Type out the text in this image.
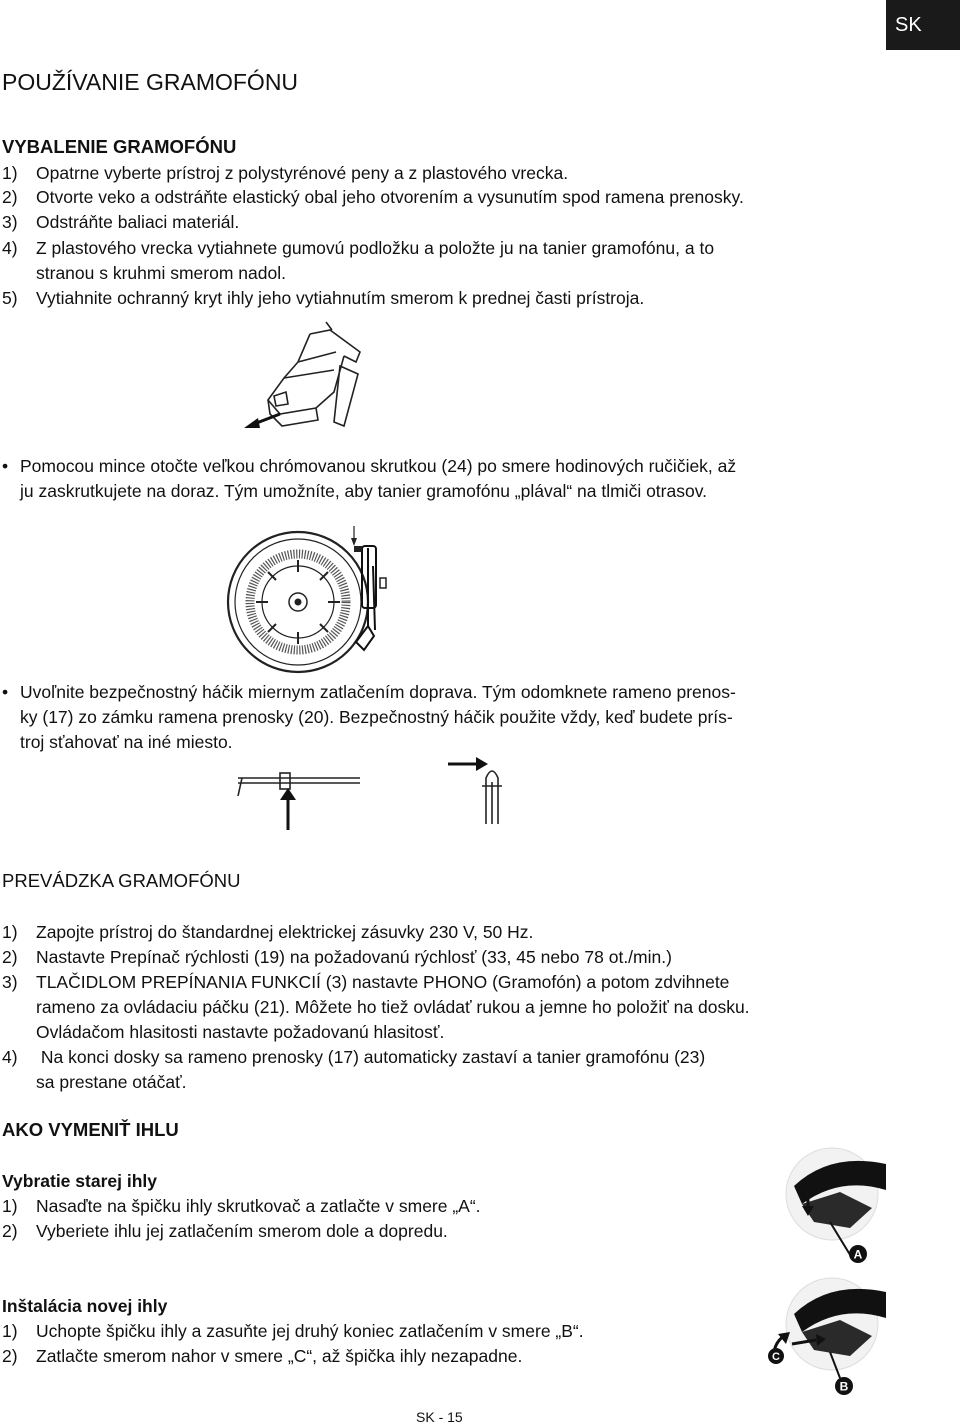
SK
POUŽÍVANIE GRAMOFÓNU
VYBALENIE GRAMOFÓNU
1) Opatrne vyberte prístroj z polystyrénové peny a z plastového vrecka.
2) Otvorte veko a odstráňte elastický obal jeho otvorením a vysunutím spod ramena prenosky.
3) Odstráňte baliaci materiál.
4) Z plastového vrecka vytiahnete gumovú podložku a položte ju na tanier gramofónu, a to
stranou s kruhmi smerom nadol.
5) Vytiahnite ochranný kryt ihly jeho vytiahnutím smerom k prednej časti prístroja.
• Pomocou mince otočte veľkou chrómovanou skrutkou (24) po smere hodinových ručičiek, až
ju zaskrutkujete na doraz. Tým umožníte, aby tanier gramofónu „plával“ na tlmiči otrasov.
• Uvoľnite bezpečnostný háčik miernym zatlačením doprava. Tým odomknete rameno prenos-
ky (17) zo zámku ramena prenosky (20). Bezpečnostný háčik použite vždy, keď budete prís-
troj sťahovať na iné miesto.
PREVÁDZKA GRAMOFÓNU
1) Zapojte prístroj do štandardnej elektrickej zásuvky 230 V, 50 Hz.
2) Nastavte Prepínač rýchlosti (19) na požadovanú rýchlosť (33, 45 nebo 78 ot./min.)
3) TLAČIDLOM PREPÍNANIA FUNKCIÍ (3) nastavte PHONO (Gramofón) a potom zdvihnete
rameno za ovládaciu páčku (21). Môžete ho tiež ovládať rukou a jemne ho položiť na dosku.
Ovládačom hlasitosti nastavte požadovanú hlasitosť.
4) Na konci dosky sa rameno prenosky (17) automaticky zastaví a tanier gramofónu (23)
sa prestane otáčať.
AKO VYMENIŤ IHLU
Vybratie starej ihly
1) Nasaďte na špičku ihly skrutkovač a zatlačte v smere „A“.
2) Vyberiete ihlu jej zatlačením smerom dole a dopredu.
Inštalácia novej ihly
1) Uchopte špičku ihly a zasuňte jej druhý koniec zatlačením v smere „B“.
2) Zatlačte smerom nahor v smere „C“, až špička ihly nezapadne.
A
C
B
SK - 15
